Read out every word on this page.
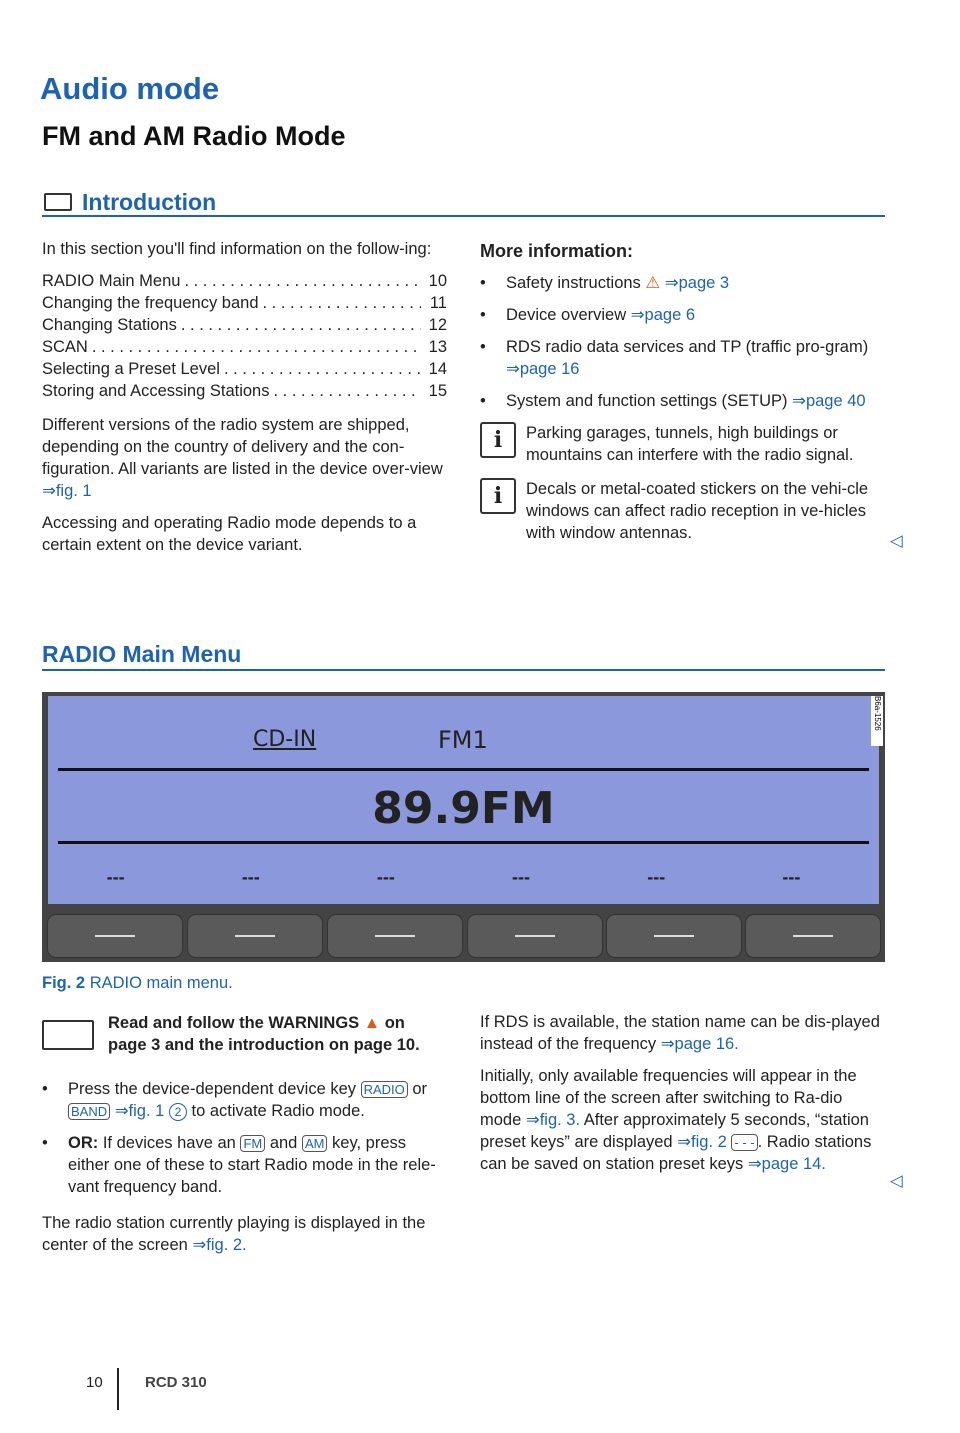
Audio mode
FM and AM Radio Mode
Introduction

In this section you'll find information on the follow-ing:

RADIO Main Menu . . .	10
Changing the frequency band . . .	11
Changing Stations . . .	12
SCAN . . .	13
Selecting a Preset Level . . .	14
Storing and Accessing Stations . . .	15

Different versions of the radio system are shipped, depending on the country of delivery and the con-figuration. All variants are listed in the device over-view ⇒fig. 1

Accessing and operating Radio mode depends to a certain extent on the device variant.

More information:
• Safety instructions ⚠ ⇒page 3
• Device overview ⇒page 6
• RDS radio data services and TP (traffic pro-gram) ⇒page 16
• System and function settings (SETUP) ⇒page 40
i	Parking garages, tunnels, high buildings or mountains can interfere with the radio signal.
i	Decals or metal-coated stickers on the vehi-cle windows can affect radio reception in ve-hicles with window antennas.	◁
RADIO Main Menu
CD-IN	FM1
89.9FM
---	---	---	---	---	---
B6a-1526
Fig. 2 RADIO main menu.
Read and follow the WARNINGS ▲ on
page 3 and the introduction on page 10.
• Press the device-dependent device key RADIO or BAND ⇒fig. 1 2 to activate Radio mode.
• OR: If devices have an FM and AM key, press either one of these to start Radio mode in the rele-vant frequency band.

The radio station currently playing is displayed in the center of the screen ⇒fig. 2.

If RDS is available, the station name can be dis-played instead of the frequency ⇒page 16.

Initially, only available frequencies will appear in the bottom line of the screen after switching to Ra-dio mode ⇒fig. 3. After approximately 5 seconds, “station preset keys” are displayed ⇒fig. 2 - - - . Radio stations can be saved on station preset keys ⇒page 14.

◁
10	RCD 310
